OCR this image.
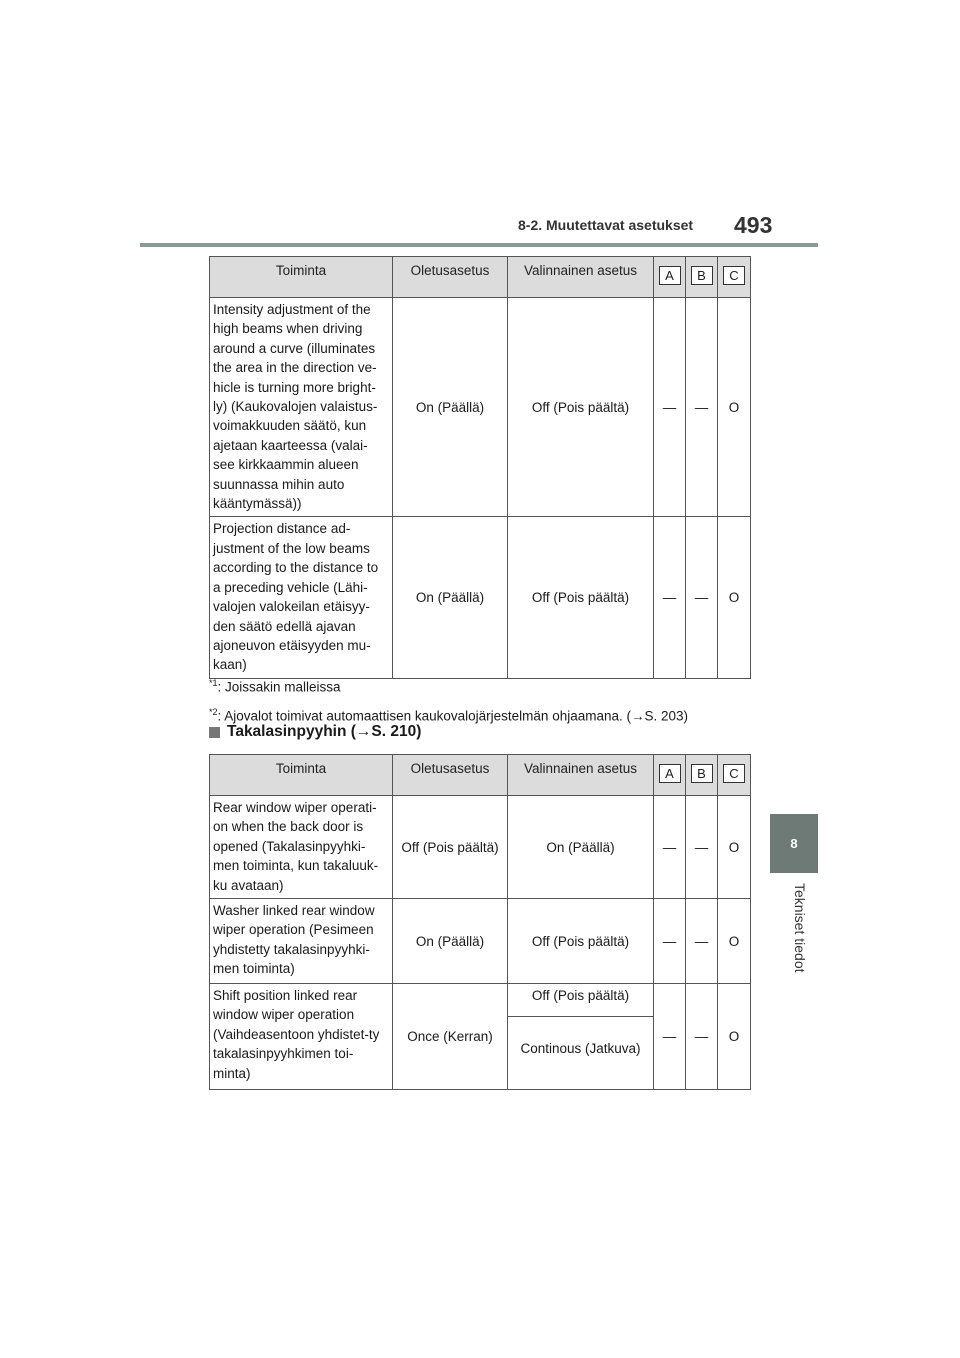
8-2. Muutettavat asetukset 493
8
Tekniset tiedot
Toiminta	Oletusasetus	Valinnainen asetus	A	B	C
Intensity adjustment of the high beams when driving around a curve (illuminates the area in the direction ve-hicle is turning more bright-ly) (Kaukovalojen valaistus-voimakkuuden säätö, kun ajetaan kaarteessa (valai-see kirkkaammin alueen suunnassa mihin auto kääntymässä))	On (Päällä)	Off (Pois päältä)	—	—	O
Projection distance ad-justment of the low beams according to the distance to a preceding vehicle (Lähi-valojen valokeilan etäisyy-den säätö edellä ajavan ajoneuvon etäisyyden mu-kaan)	On (Päällä)	Off (Pois päältä)	—	—	O
$^{*1}$: Joissakin malleissa
$^{*2}$: Ajovalot toimivat automaattisen kaukovalojärjestelmän ohjaamana. (→S. 203)
Takalasinpyyhin (→S. 210)
Toiminta	Oletusasetus	Valinnainen asetus	A	B	C
Rear window wiper operati-on when the back door is opened (Takalasinpyyhki-men toiminta, kun takaluuk-ku avataan)	Off (Pois päältä)	On (Päällä)	—	—	O
Washer linked rear window wiper operation (Pesimeen yhdistetty takalasinpyyhki-men toiminta)	On (Päällä)	Off (Pois päältä)	—	—	O
Shift position linked rear window wiper operation (Vaihdeasentoon yhdistet-ty takalasinpyyhkimen toi-minta)	Once (Kerran)	Off (Pois päältä)	—	—	O
		Continous (Jatkuva)			
